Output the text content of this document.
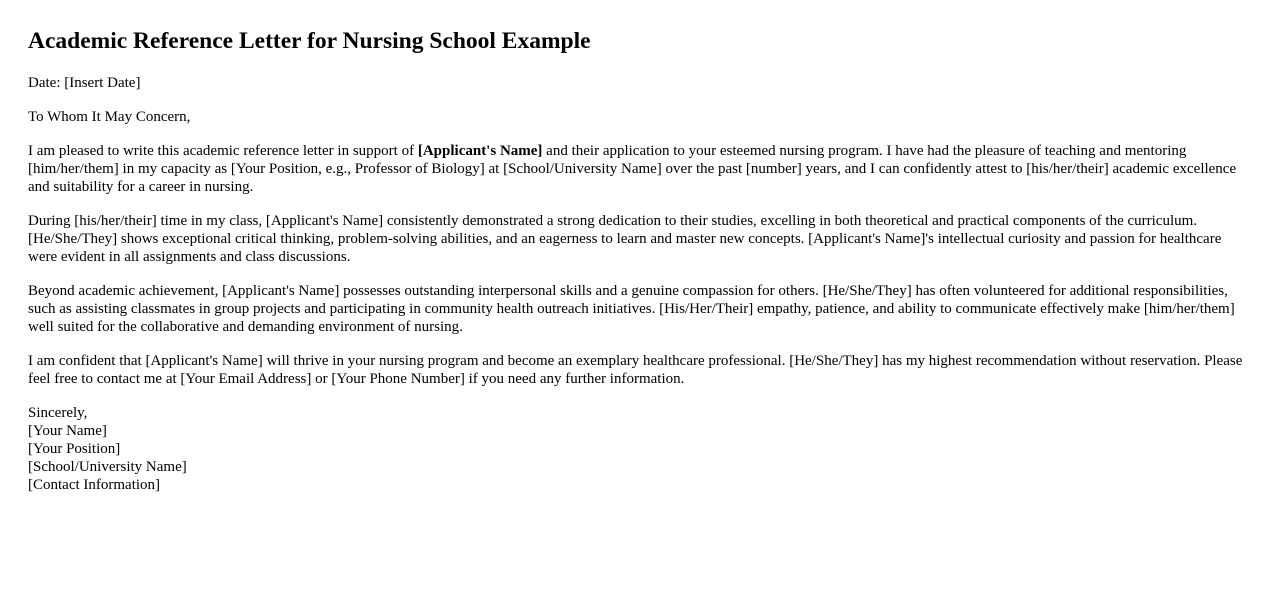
Academic Reference Letter for Nursing School Example
Date: [Insert Date]
To Whom It May Concern,

I am pleased to write this academic reference letter in support of [Applicant's Name] and their application to your esteemed nursing program. I have had the pleasure of teaching and mentoring [him/her/them] in my capacity as [Your Position, e.g., Professor of Biology] at [School/University Name] over the past [number] years, and I can confidently attest to [his/her/their] academic excellence and suitability for a career in nursing.

During [his/her/their] time in my class, [Applicant's Name] consistently demonstrated a strong dedication to their studies, excelling in both theoretical and practical components of the curriculum. [He/She/They] shows exceptional critical thinking, problem-solving abilities, and an eagerness to learn and master new concepts. [Applicant's Name]'s intellectual curiosity and passion for healthcare were evident in all assignments and class discussions.

Beyond academic achievement, [Applicant's Name] possesses outstanding interpersonal skills and a genuine compassion for others. [He/She/They] has often volunteered for additional responsibilities, such as assisting classmates in group projects and participating in community health outreach initiatives. [His/Her/Their] empathy, patience, and ability to communicate effectively make [him/her/them] well suited for the collaborative and demanding environment of nursing.

I am confident that [Applicant's Name] will thrive in your nursing program and become an exemplary healthcare professional. [He/She/They] has my highest recommendation without reservation. Please feel free to contact me at [Your Email Address] or [Your Phone Number] if you need any further information.

Sincerely,
[Your Name]
[Your Position]
[School/University Name]
[Contact Information]
